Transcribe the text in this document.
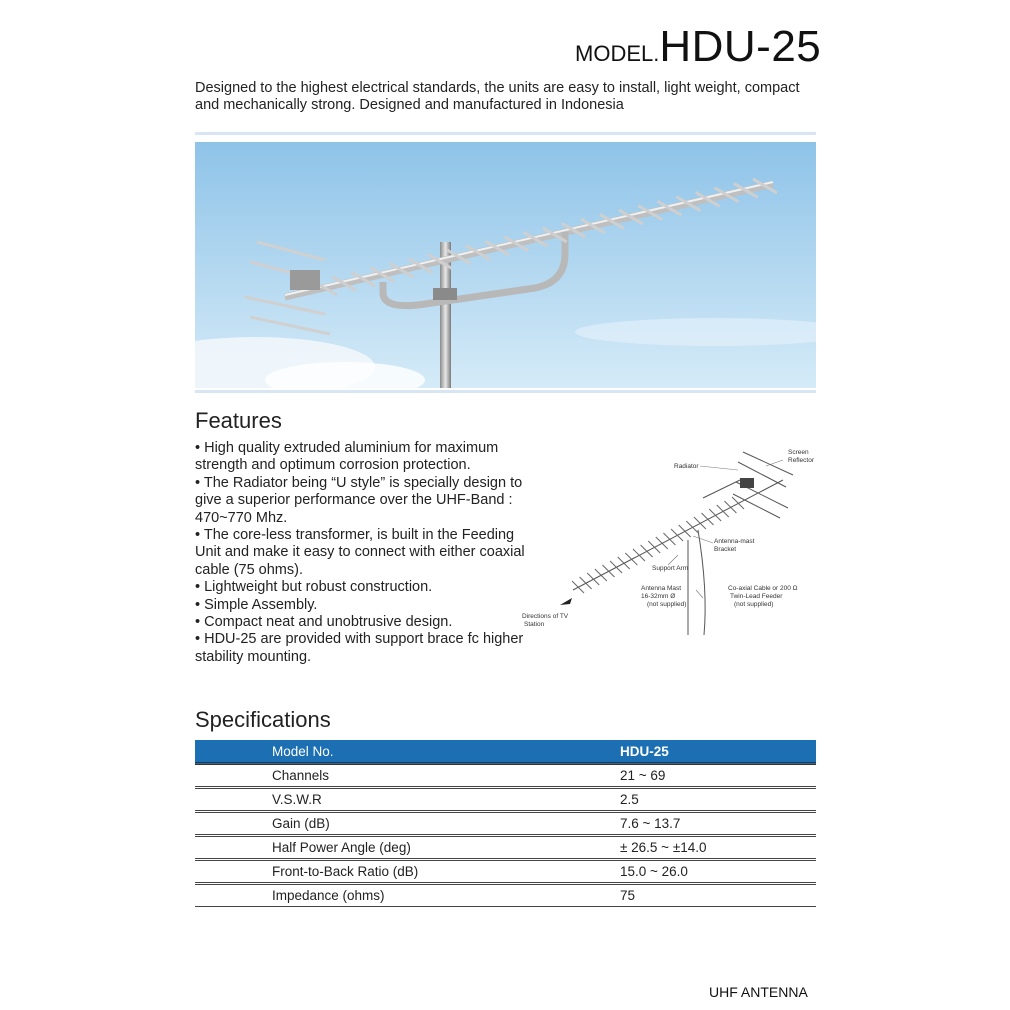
MODEL.HDU-25
Designed to the highest electrical standards, the units are easy to install, light weight, compact and mechanically strong. Designed and manufactured in Indonesia
Features
• High quality extruded aluminium for maximum strength and optimum corrosion protection.
• The Radiator being “U style” is specially design to give a superior performance over the UHF-Band : 470~770 Mhz.
• The core-less transformer, is built in the Feeding Unit and make it easy to connect with either coaxial cable (75 ohms).
• Lightweight but robust construction.
• Simple Assembly.
• Compact neat and unobtrusive design.
• HDU-25 are provided with support brace fc higher stability mounting.
Screen
Reflector
Radiator
Antenna-mast
Bracket
Support Arm
Antenna Mast
16-32mm Ø
(not supplied)
Co-axial Cable or 200 Ω
Twin-Lead Feeder
(not supplied)
Directions of TV
Station
Specifications
Model No.	HDU-25
Channels	21 ~ 69
V.S.W.R	2.5
Gain (dB)	7.6 ~ 13.7
Half Power Angle (deg)	± 26.5 ~ ±14.0
Front-to-Back Ratio (dB)	15.0 ~ 26.0
Impedance (ohms)	75
UHF ANTENNA
